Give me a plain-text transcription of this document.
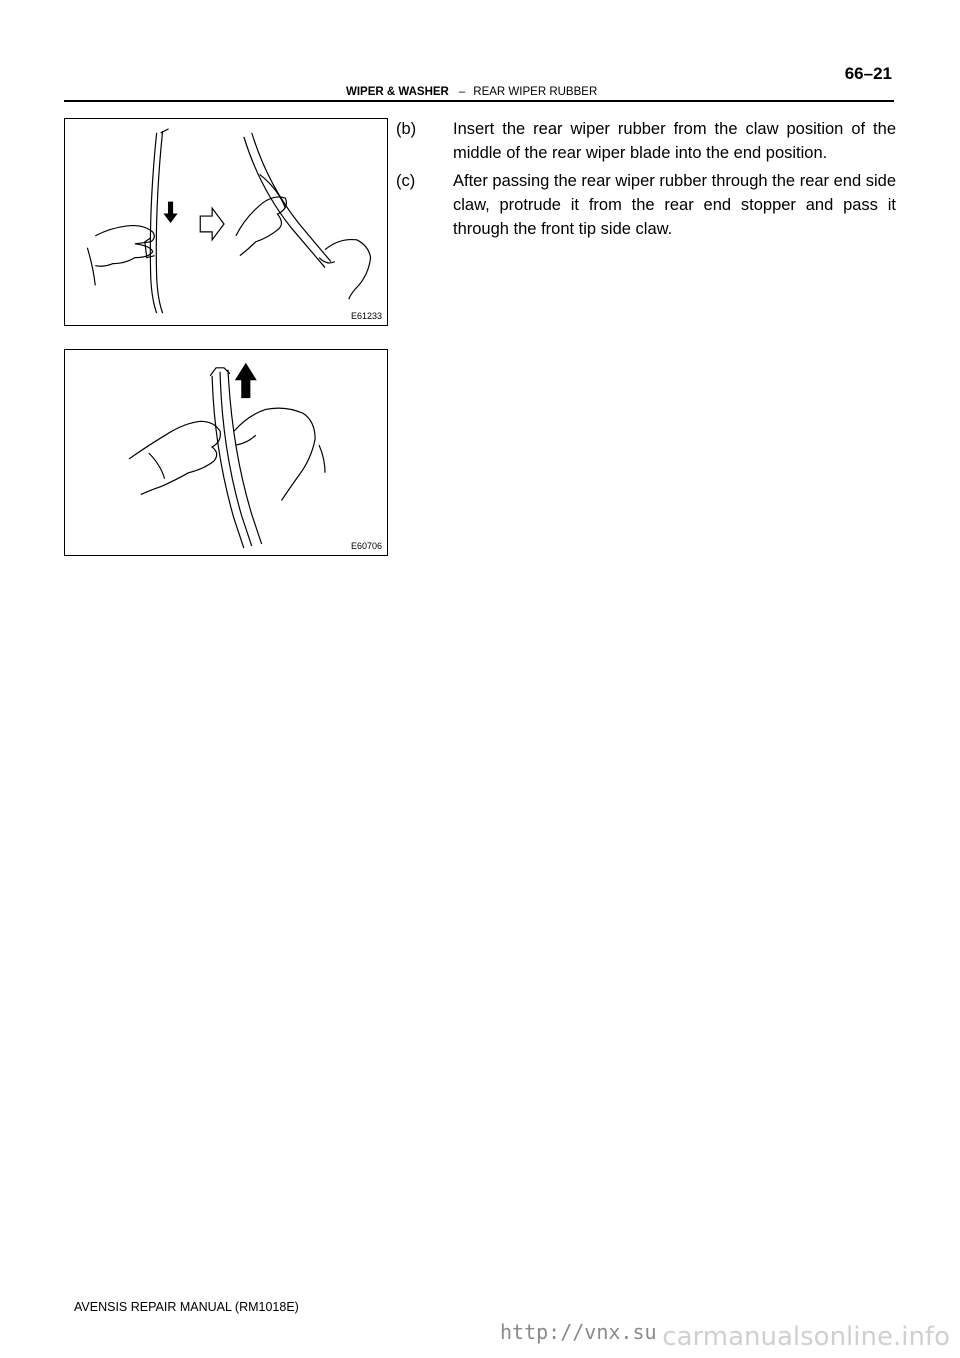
66–21
WIPER & WASHER – REAR WIPER RUBBER
E61233
E60706
(b) Insert the rear wiper rubber from the claw position of the middle of the rear wiper blade into the end position.
(c) After passing the rear wiper rubber through the rear end side claw, protrude it from the rear end stopper and pass it through the front tip side claw.
AVENSIS REPAIR MANUAL (RM1018E)
http://vnx.su carmanualsonline.info
